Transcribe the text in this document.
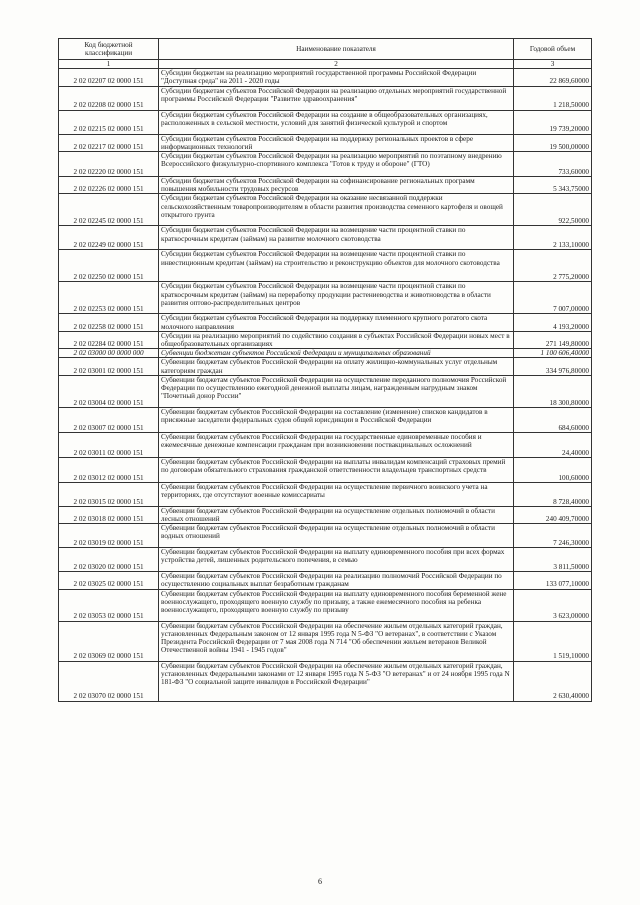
Код бюджетной классификации	Наименование показателя	Годовой объем
1	2	3
2 02 02207 02 0000 151	Субсидии бюджетам на реализацию мероприятий государственной программы Российской Федерации "Доступная среда" на 2011 - 2020 годы	22 869,60000
2 02 02208 02 0000 151	Субсидии бюджетам субъектов Российской Федерации на реализацию отдельных мероприятий государственной программы Российской Федерации "Развитие здравоохранения"	1 218,50000
2 02 02215 02 0000 151	Субсидии бюджетам субъектов Российской Федерации на создание в общеобразовательных организациях, расположенных в сельской местности, условий для занятий физической культурой и спортом	19 739,20000
2 02 02217 02 0000 151	Субсидии бюджетам субъектов Российской Федерации на поддержку региональных проектов в сфере информационных технологий	19 500,00000
2 02 02220 02 0000 151	Субсидии бюджетам субъектов Российской Федерации на реализацию мероприятий по поэтапному внедрению Всероссийского физкультурно-спортивного комплекса "Готов к труду и обороне" (ГТО)	733,60000
2 02 02226 02 0000 151	Субсидии бюджетам субъектов Российской Федерации на софинансирование региональных программ повышения мобильности трудовых ресурсов	5 343,75000
2 02 02245 02 0000 151	Субсидии бюджетам субъектов Российской Федерации на оказание несвязанной поддержки сельскохозяйственным товаропроизводителям в области развития производства семенного картофеля и овощей открытого грунта	922,50000
2 02 02249 02 0000 151	Субсидии бюджетам субъектов Российской Федерации на возмещение части процентной ставки по краткосрочным кредитам (займам) на развитие молочного скотоводства	2 133,10000
2 02 02250 02 0000 151	Субсидии бюджетам субъектов Российской Федерации на возмещение части процентной ставки по инвестиционным кредитам (займам) на строительство и реконструкцию объектов для молочного скотоводства	2 775,20000
2 02 02253 02 0000 151	Субсидии бюджетам субъектов Российской Федерации на возмещение части процентной ставки по краткосрочным кредитам (займам) на переработку продукции растениеводства и животноводства в области развития оптово-распределительных центров	7 007,00000
2 02 02258 02 0000 151	Субсидии бюджетам субъектов Российской Федерации на поддержку племенного крупного рогатого скота молочного направления	4 193,20000
2 02 02284 02 0000 151	Субсидии на реализацию мероприятий по содействию создания в субъектах Российской Федерации новых мест в общеобразовательных организациях	271 149,80000
2 02 03000 00 0000 000	Субвенции бюджетам субъектов Российской Федерации и муниципальных образований	1 100 606,40000
2 02 03001 02 0000 151	Субвенции бюджетам субъектов Российской Федерации на оплату жилищно-коммунальных услуг отдельным категориям граждан	334 976,80000
2 02 03004 02 0000 151	Субвенции бюджетам субъектов Российской Федерации на осуществление переданного полномочия Российской Федерации по осуществлению ежегодной денежной выплаты лицам, награжденным нагрудным знаком "Почетный донор России"	18 300,80000
2 02 03007 02 0000 151	Субвенции бюджетам субъектов Российской Федерации на составление (изменение) списков кандидатов в присяжные заседатели федеральных судов общей юрисдикции в Российской Федерации	684,60000
2 02 03011 02 0000 151	Субвенции бюджетам субъектов Российской Федерации на государственные единовременные пособия и ежемесячные денежные компенсации гражданам при возникновении поствакцинальных осложнений	24,40000
2 02 03012 02 0000 151	Субвенции бюджетам субъектов Российской Федерации на выплаты инвалидам компенсаций страховых премий по договорам обязательного страхования гражданской ответственности владельцев транспортных средств	100,60000
2 02 03015 02 0000 151	Субвенции бюджетам субъектов Российской Федерации на осуществление первичного воинского учета на территориях, где отсутствуют военные комиссариаты	8 728,40000
2 02 03018 02 0000 151	Субвенции бюджетам субъектов Российской Федерации на осуществление отдельных полномочий в области лесных отношений	240 409,70000
2 02 03019 02 0000 151	Субвенции бюджетам субъектов Российской Федерации на осуществление отдельных полномочий в области водных отношений	7 246,30000
2 02 03020 02 0000 151	Субвенции бюджетам субъектов Российской Федерации на выплату единовременного пособия при всех формах устройства детей, лишенных родительского попечения, в семью	3 811,50000
2 02 03025 02 0000 151	Субвенции бюджетам субъектов Российской Федерации на реализацию полномочий Российской Федерации по осуществлению социальных выплат безработным гражданам	133 077,10000
2 02 03053 02 0000 151	Субвенции бюджетам субъектов Российской Федерации на выплату единовременного пособия беременной жене военнослужащего, проходящего военную службу по призыву, а также ежемесячного пособия на ребенка военнослужащего, проходящего военную службу по призыву	3 623,00000
2 02 03069 02 0000 151	Субвенции бюджетам субъектов Российской Федерации на обеспечение жильем отдельных категорий граждан, установленных Федеральным законом от 12 января 1995 года N 5-ФЗ "О ветеранах", в соответствии с Указом Президента Российской Федерации от 7 мая 2008 года N 714 "Об обеспечении жильем ветеранов Великой Отечественной войны 1941 - 1945 годов"	1 519,10000
2 02 03070 02 0000 151	Субвенции бюджетам субъектов Российской Федерации на обеспечение жильем отдельных категорий граждан, установленных Федеральными законами от 12 января 1995 года N 5-ФЗ "О ветеранах" и от 24 ноября 1995 года N 181-ФЗ "О социальной защите инвалидов в Российской Федерации"	2 630,40000
6
